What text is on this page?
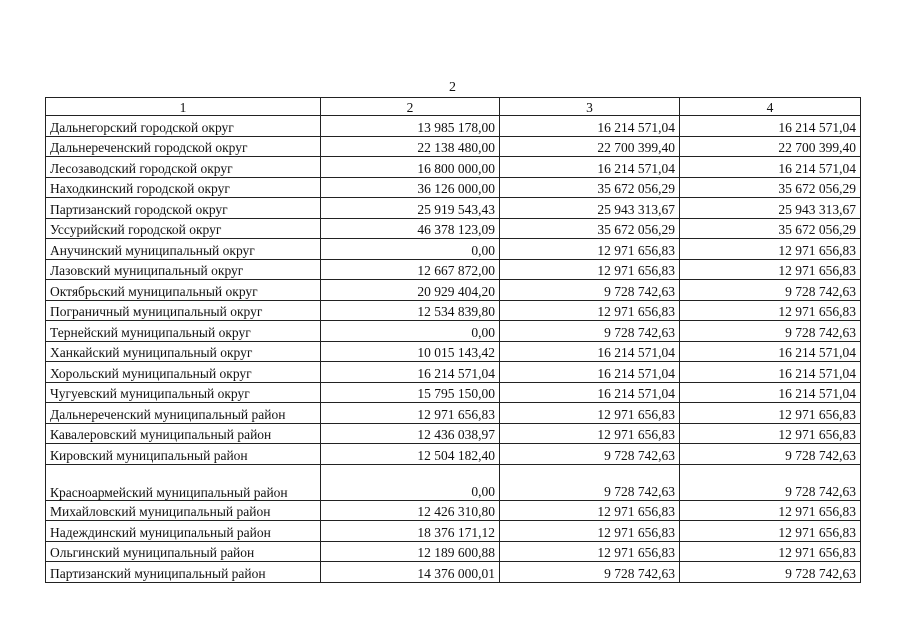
2
1	2	3	4
Дальнегорский городской округ	13 985 178,00	16 214 571,04	16 214 571,04
Дальнереченский городской округ	22 138 480,00	22 700 399,40	22 700 399,40
Лесозаводский городской округ	16 800 000,00	16 214 571,04	16 214 571,04
Находкинский городской округ	36 126 000,00	35 672 056,29	35 672 056,29
Партизанский городской округ	25 919 543,43	25 943 313,67	25 943 313,67
Уссурийский городской округ	46 378 123,09	35 672 056,29	35 672 056,29
Анучинский муниципальный округ	0,00	12 971 656,83	12 971 656,83
Лазовский муниципальный округ	12 667 872,00	12 971 656,83	12 971 656,83
Октябрьский муниципальный округ	20 929 404,20	9 728 742,63	9 728 742,63
Пограничный муниципальный округ	12 534 839,80	12 971 656,83	12 971 656,83
Тернейский муниципальный округ	0,00	9 728 742,63	9 728 742,63
Ханкайский муниципальный округ	10 015 143,42	16 214 571,04	16 214 571,04
Хорольский муниципальный округ	16 214 571,04	16 214 571,04	16 214 571,04
Чугуевский муниципальный округ	15 795 150,00	16 214 571,04	16 214 571,04
Дальнереченский муниципальный район	12 971 656,83	12 971 656,83	12 971 656,83
Кавалеровский муниципальный район	12 436 038,97	12 971 656,83	12 971 656,83
Кировский муниципальный район	12 504 182,40	9 728 742,63	9 728 742,63
Красноармейский муниципальный район	0,00	9 728 742,63	9 728 742,63
Михайловский муниципальный район	12 426 310,80	12 971 656,83	12 971 656,83
Надеждинский муниципальный район	18 376 171,12	12 971 656,83	12 971 656,83
Ольгинский муниципальный район	12 189 600,88	12 971 656,83	12 971 656,83
Партизанский муниципальный район	14 376 000,01	9 728 742,63	9 728 742,63
